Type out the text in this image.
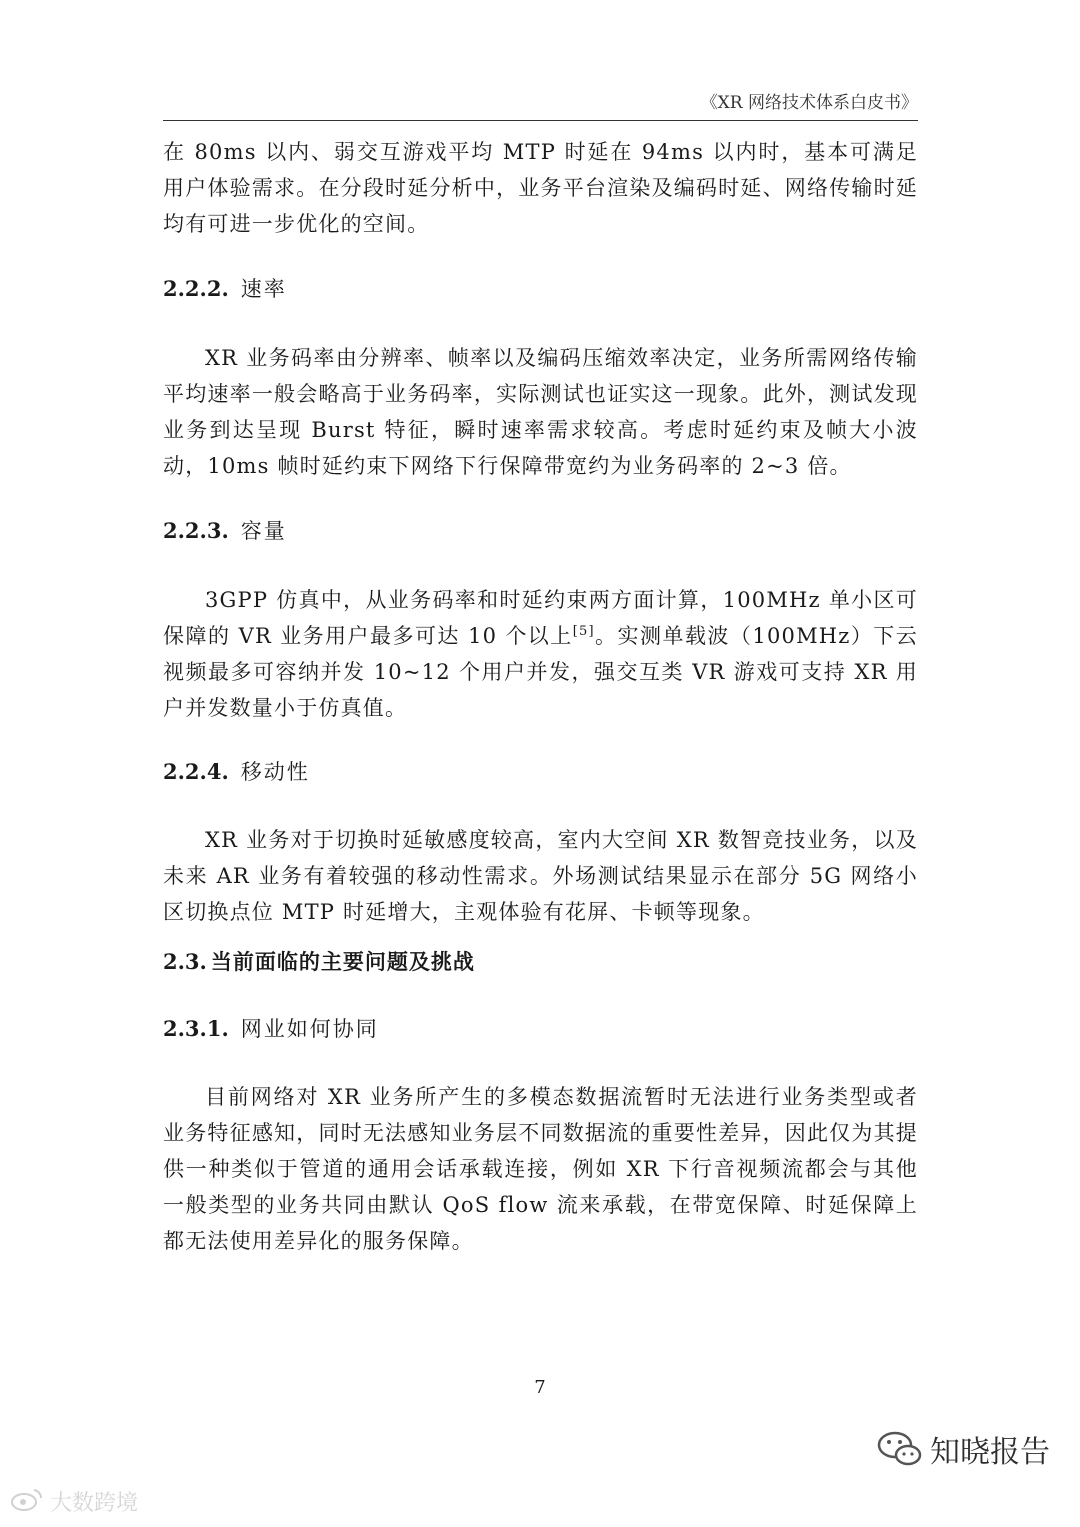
《XR 网络技术体系白皮书》
在 80ms 以内、弱交互游戏平均 MTP 时延在 94ms 以内时，基本可满足用户体验需求。在分段时延分析中，业务平台渲染及编码时延、网络传输时延均有可进一步优化的空间。
2.2.2. 速率
XR 业务码率由分辨率、帧率以及编码压缩效率决定，业务所需网络传输平均速率一般会略高于业务码率，实际测试也证实这一现象。此外，测试发现业务到达呈现 Burst 特征，瞬时速率需求较高。考虑时延约束及帧大小波动，10ms 帧时延约束下网络下行保障带宽约为业务码率的 2~3 倍。
2.2.3. 容量
3GPP 仿真中，从业务码率和时延约束两方面计算，100MHz 单小区可保障的 VR 业务用户最多可达 10 个以上[5]。实测单载波（100MHz）下云视频最多可容纳并发 10~12 个用户并发，强交互类 VR 游戏可支持 XR 用户并发数量小于仿真值。
2.2.4. 移动性
XR 业务对于切换时延敏感度较高，室内大空间 XR 数智竞技业务，以及未来 AR 业务有着较强的移动性需求。外场测试结果显示在部分 5G 网络小区切换点位 MTP 时延增大，主观体验有花屏、卡顿等现象。
2.3. 当前面临的主要问题及挑战
2.3.1. 网业如何协同
目前网络对 XR 业务所产生的多模态数据流暂时无法进行业务类型或者业务特征感知，同时无法感知业务层不同数据流的重要性差异，因此仅为其提供一种类似于管道的通用会话承载连接，例如 XR 下行音视频流都会与其他一般类型的业务共同由默认 QoS flow 流来承载，在带宽保障、时延保障上都无法使用差异化的服务保障。
7
大数跨境
知晓报告
